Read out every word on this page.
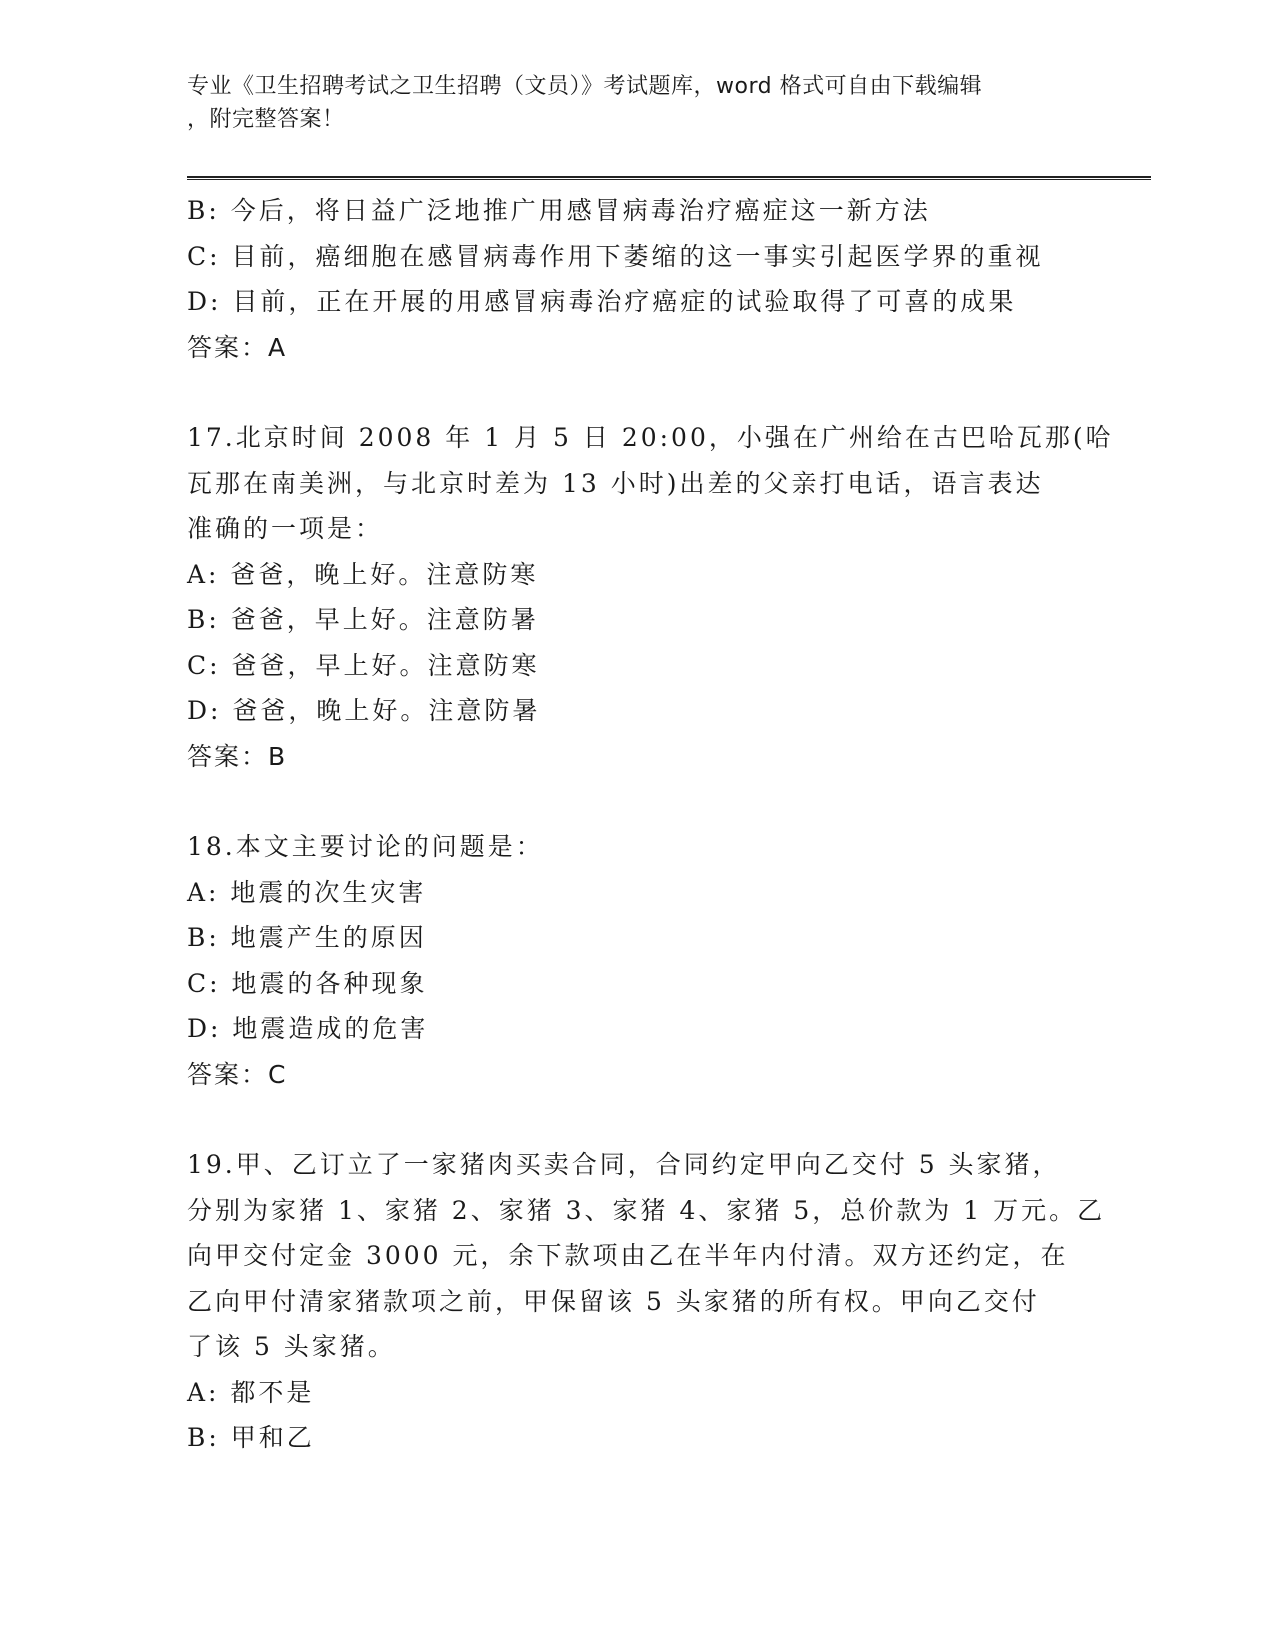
专业《卫生招聘考试之卫生招聘（文员）》考试题库，word 格式可自由下载编辑
，附完整答案！
B: 今后，将日益广泛地推广用感冒病毒治疗癌症这一新方法
C: 目前，癌细胞在感冒病毒作用下萎缩的这一事实引起医学界的重视
D: 目前，正在开展的用感冒病毒治疗癌症的试验取得了可喜的成果
答案：A
17.北京时间 2008 年 1 月 5 日 20:00，小强在广州给在古巴哈瓦那(哈
瓦那在南美洲，与北京时差为 13 小时)出差的父亲打电话，语言表达
准确的一项是：
A: 爸爸，晚上好。注意防寒
B: 爸爸，早上好。注意防暑
C: 爸爸，早上好。注意防寒
D: 爸爸，晚上好。注意防暑
答案：B
18.本文主要讨论的问题是：
A: 地震的次生灾害
B: 地震产生的原因
C: 地震的各种现象
D: 地震造成的危害
答案：C
19.甲、乙订立了一家猪肉买卖合同，合同约定甲向乙交付 5 头家猪，
分别为家猪 1、家猪 2、家猪 3、家猪 4、家猪 5，总价款为 1 万元。乙
向甲交付定金 3000 元，余下款项由乙在半年内付清。双方还约定，在
乙向甲付清家猪款项之前，甲保留该 5 头家猪的所有权。甲向乙交付
了该 5 头家猪。
A: 都不是
B: 甲和乙
